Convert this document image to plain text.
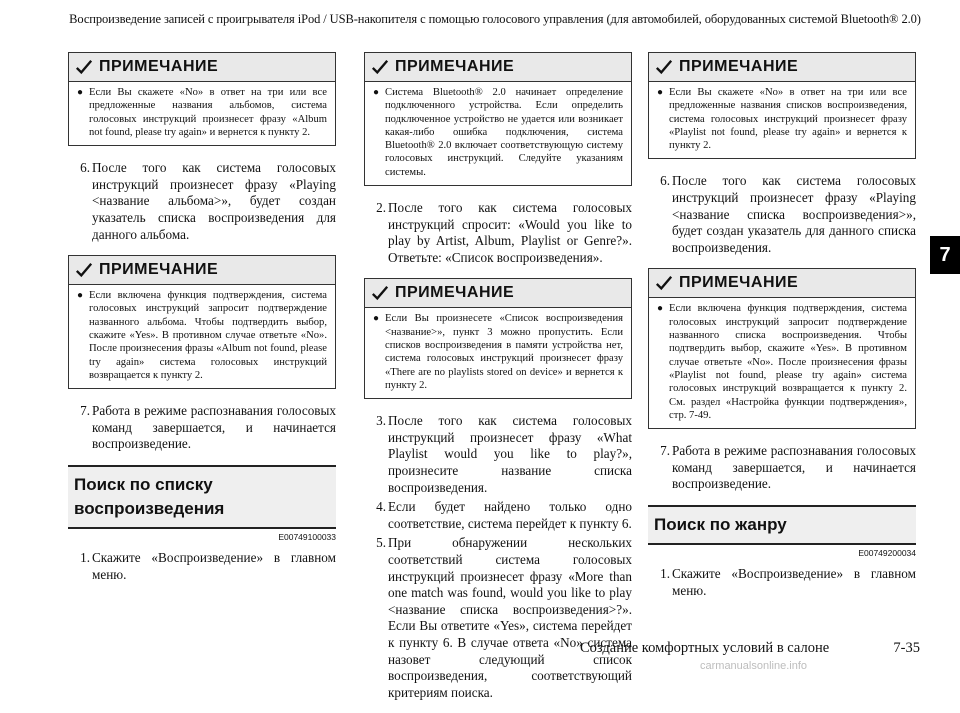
Воспроизведение записей с проигрывателя iPod / USB-накопителя с помощью голосового управления (для автомобилей, оборудованных системой Bluetooth® 2.0)
ПРИМЕЧАНИЕ
● Если Вы скажете «No» в ответ на три или все предложенные названия альбомов, система голосовых инструкций произнесет фразу «Album not found, please try again» и вернется к пункту 2.
6. После того как система голосовых инструкций произнесет фразу «Playing <название альбома>», будет создан указатель списка воспроизведения для данного альбома.
ПРИМЕЧАНИЕ
● Если включена функция подтверждения, система голосовых инструкций запросит подтверждение названного альбома. Чтобы подтвердить выбор, скажите «Yes». В противном случае ответьте «No». После произнесения фразы «Album not found, please try again» система голосовых инструкций возвращается к пункту 2.
7. Работа в режиме распознавания голосовых команд завершается, и начинается воспроизведение.
Поиск по списку воспроизведения
E00749100033
1. Скажите «Воспроизведение» в главном меню.
ПРИМЕЧАНИЕ
● Система Bluetooth® 2.0 начинает определение подключенного устройства. Если определить подключенное устройство не удается или возникает какая-либо ошибка подключения, система Bluetooth® 2.0 включает соответствующую систему голосовых инструкций. Следуйте указаниям системы.
2. После того как система голосовых инструкций спросит: «Would you like to play by Artist, Album, Playlist or Genre?». Ответьте: «Список воспроизведения».
ПРИМЕЧАНИЕ
● Если Вы произнесете «Список воспроизведения <название>», пункт 3 можно пропустить. Если списков воспроизведения в памяти устройства нет, система голосовых инструкций произнесет фразу «There are no playlists stored on device» и вернется к пункту 2.
3. После того как система голосовых инструкций произнесет фразу «What Playlist would you like to play?», произнесите название списка воспроизведения.
4. Если будет найдено только одно соответствие, система перейдет к пункту 6.
5. При обнаружении нескольких соответствий система голосовых инструкций произнесет фразу «More than one match was found, would you like to play <название списка воспроизведения>?». Если Вы ответите «Yes», система перейдет к пункту 6. В случае ответа «No» система назовет следующий список воспроизведения, соответствующий критериям поиска.
ПРИМЕЧАНИЕ
● Если Вы скажете «No» в ответ на три или все предложенные названия списков воспроизведения, система голосовых инструкций произнесет фразу «Playlist not found, please try again» и вернется к пункту 2.
6. После того как система голосовых инструкций произнесет фразу «Playing <название списка воспроизведения>», будет создан указатель для данного списка воспроизведения.
ПРИМЕЧАНИЕ
● Если включена функция подтверждения, система голосовых инструкций запросит подтверждение названного списка воспроизведения. Чтобы подтвердить выбор, скажите «Yes». В противном случае ответьте «No». После произнесения фразы «Playlist not found, please try again» система голосовых инструкций возвращается к пункту 2. См. раздел «Настройка функции подтверждения», стр. 7-49.
7. Работа в режиме распознавания голосовых команд завершается, и начинается воспроизведение.
Поиск по жанру
E00749200034
1. Скажите «Воспроизведение» в главном меню.
7
Создание комфортных условий в салоне	7-35
carmanualsonline.info
